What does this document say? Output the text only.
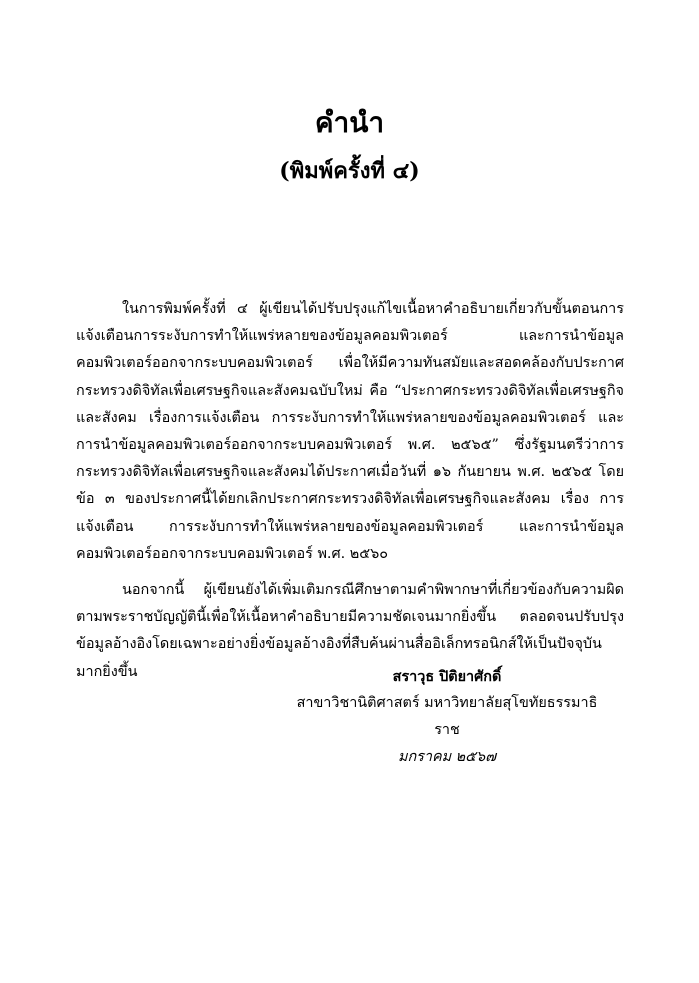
คำนำ
(พิมพ์ครั้งที่ ๔)

ในการพิมพ์ครั้งที่ ๔ ผู้เขียนได้ปรับปรุงแก้ไขเนื้อหาคำอธิบายเกี่ยวกับขั้นตอนการแจ้งเตือนการระงับการทำให้แพร่หลายของข้อมูลคอมพิวเตอร์ และการนำข้อมูลคอมพิวเตอร์ออกจากระบบคอมพิวเตอร์ เพื่อให้มีความทันสมัยและสอดคล้องกับประกาศกระทรวงดิจิทัลเพื่อเศรษฐกิจและสังคมฉบับใหม่ คือ “ประกาศกระทรวงดิจิทัลเพื่อเศรษฐกิจและสังคม เรื่องการแจ้งเตือน การระงับการทำให้แพร่หลายของข้อมูลคอมพิวเตอร์ และการนำข้อมูลคอมพิวเตอร์ออกจากระบบคอมพิวเตอร์ พ.ศ. ๒๕๖๕” ซึ่งรัฐมนตรีว่าการกระทรวงดิจิทัลเพื่อเศรษฐกิจและสังคมได้ประกาศเมื่อวันที่ ๑๖ กันยายน พ.ศ. ๒๕๖๕ โดยข้อ ๓ ของประกาศนี้ได้ยกเลิกประกาศกระทรวงดิจิทัลเพื่อเศรษฐกิจและสังคม เรื่อง การแจ้งเตือน การระงับการทำให้แพร่หลายของข้อมูลคอมพิวเตอร์ และการนำข้อมูลคอมพิวเตอร์ออกจากระบบคอมพิวเตอร์ พ.ศ. ๒๕๖๐

นอกจากนี้ ผู้เขียนยังได้เพิ่มเติมกรณีศึกษาตามคำพิพากษาที่เกี่ยวข้องกับความผิดตามพระราชบัญญัตินี้เพื่อให้เนื้อหาคำอธิบายมีความชัดเจนมากยิ่งขึ้น ตลอดจนปรับปรุงข้อมูลอ้างอิงโดยเฉพาะอย่างยิ่งข้อมูลอ้างอิงที่สืบค้นผ่านสื่ออิเล็กทรอนิกส์ให้เป็นปัจจุบันมากยิ่งขึ้น	สราวุธ ปิติยาศักดิ์
สาขาวิชานิติศาสตร์ มหาวิทยาลัยสุโขทัยธรรมาธิราช
มกราคม ๒๕๖๗
